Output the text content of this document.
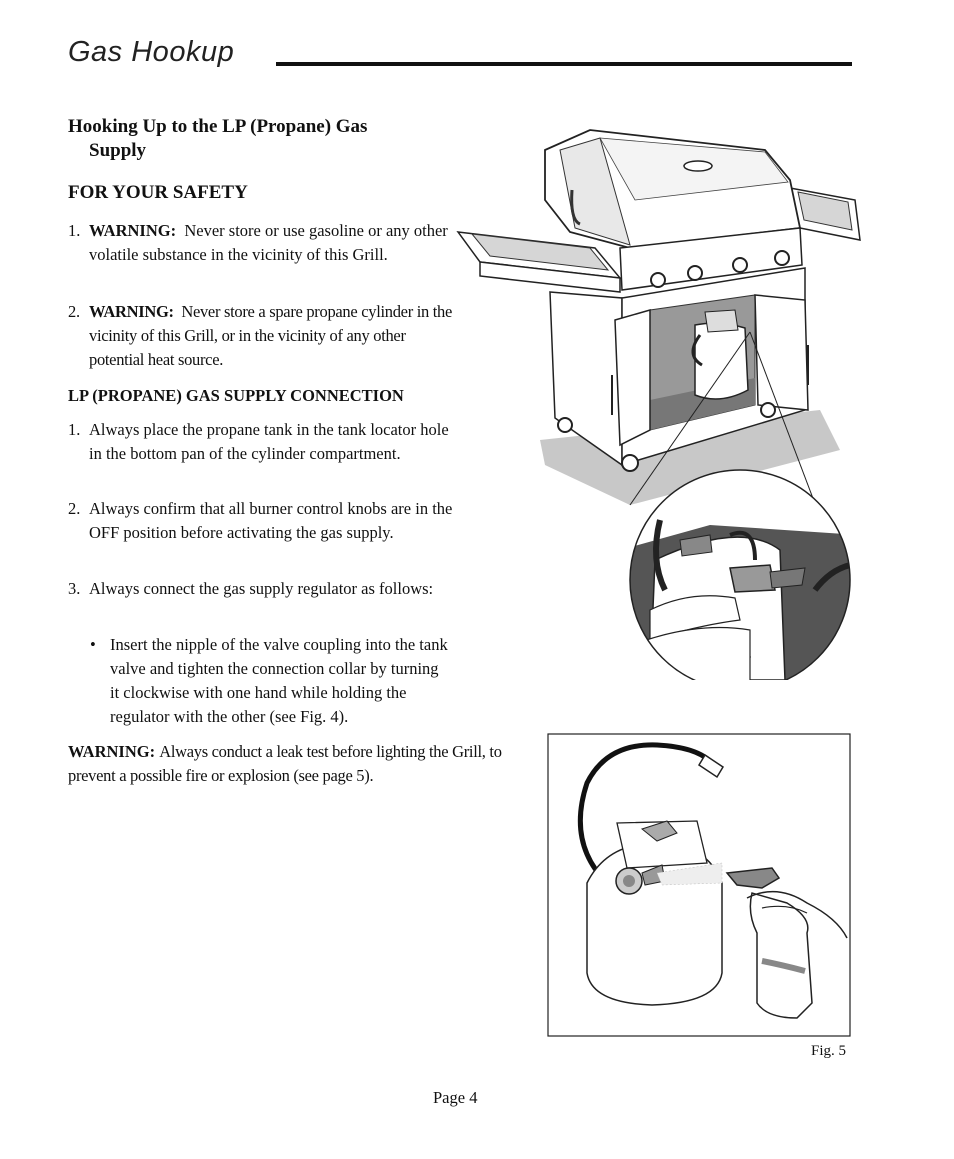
Gas Hookup
Hooking Up to the LP (Propane) Gas
Supply
FOR YOUR SAFETY
1. WARNING: Never store or use gasoline or any other volatile substance in the vicinity of this Grill.
2. WARNING: Never store a spare propane cylinder in the vicinity of this Grill, or in the vicinity of any other potential heat source.
LP (PROPANE) GAS SUPPLY CONNECTION
1. Always place the propane tank in the tank locator hole in the bottom pan of the cylinder compartment.
2. Always confirm that all burner control knobs are in the OFF position before activating the gas supply.
3. Always connect the gas supply regulator as follows:
• Insert the nipple of the valve coupling into the tank valve and tighten the connection collar by turning it clockwise with one hand while holding the regulator with the other (see Fig. 4).
WARNING: Always conduct a leak test before lighting the Grill, to prevent a possible fire or explosion (see page 5).
Fig. 5
Page 4
